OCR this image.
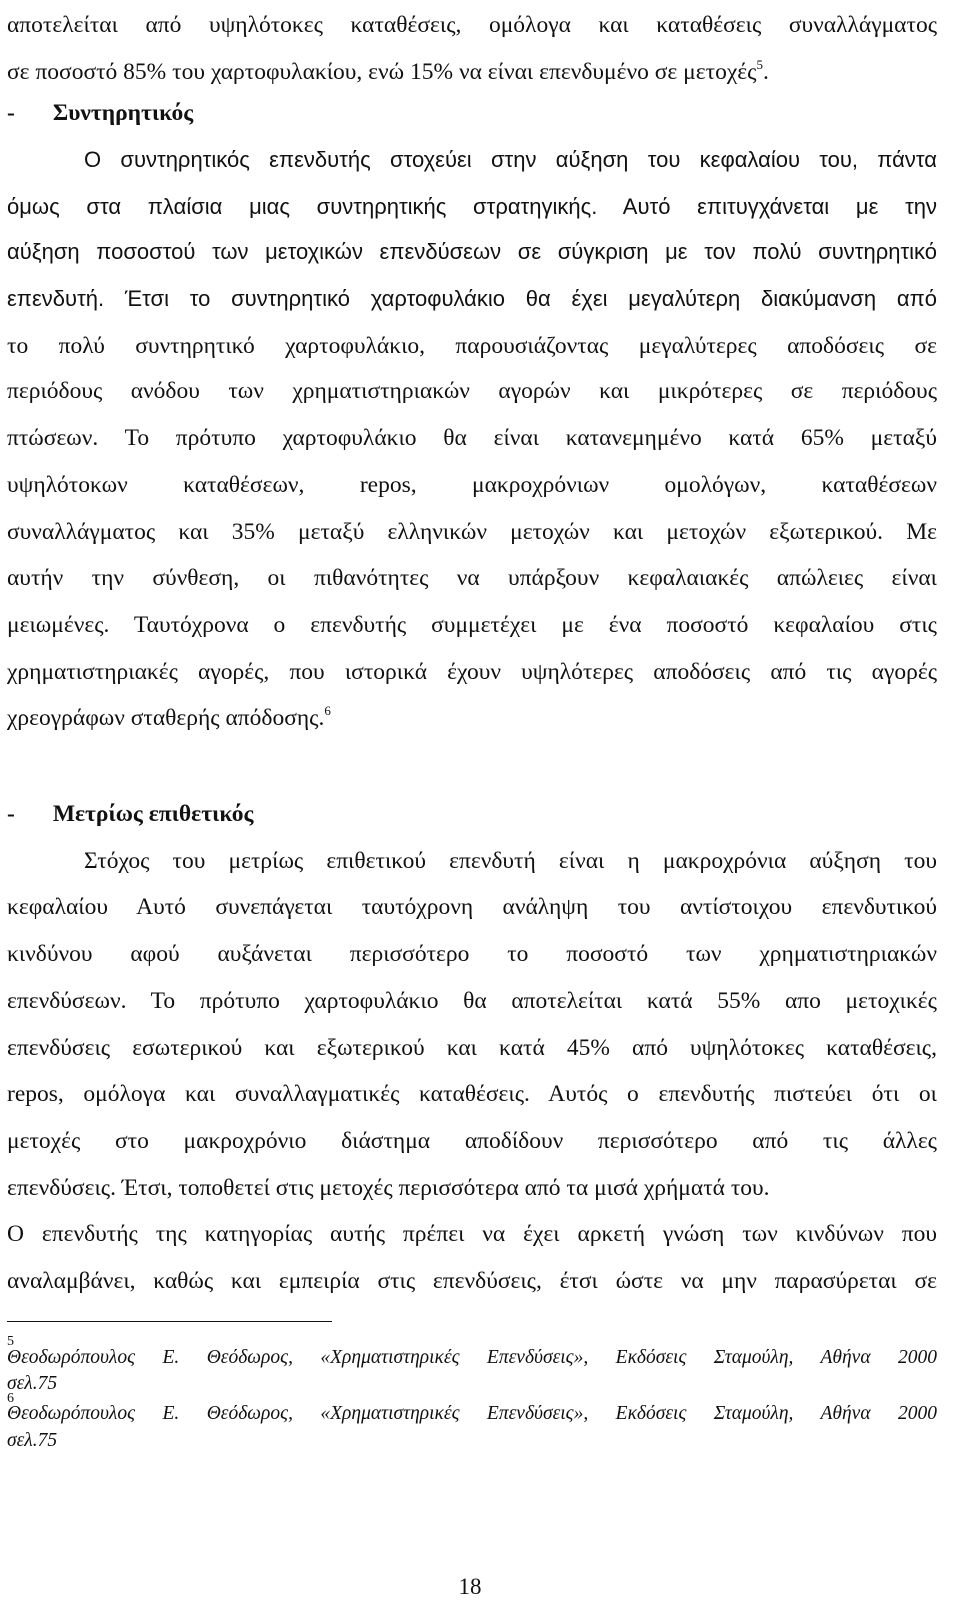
αποτελείται από υψηλότοκες καταθέσεις, ομόλογα και καταθέσεις συναλλάγματος
σε ποσοστό 85% του χαρτοφυλακίου, ενώ 15% να είναι επενδυμένο σε μετοχές$^5$.
- Συντηρητικός
Ο συντηρητικός επενδυτής στοχεύει στην αύξηση του κεφαλαίου του, πάντα
όμως στα πλαίσια μιας συντηρητικής στρατηγικής. Αυτό επιτυγχάνεται με την
αύξηση ποσοστού των μετοχικών επενδύσεων σε σύγκριση με τον πολύ συντηρητικό
επενδυτή. Έτσι το συντηρητικό χαρτοφυλάκιο θα έχει μεγαλύτερη διακύμανση από
το πολύ συντηρητικό χαρτοφυλάκιο, παρουσιάζοντας μεγαλύτερες αποδόσεις σε
περιόδους ανόδου των χρηματιστηριακών αγορών και μικρότερες σε περιόδους
πτώσεων. Το πρότυπο χαρτοφυλάκιο θα είναι κατανεμημένο κατά 65% μεταξύ
υψηλότοκων καταθέσεων, repos, μακροχρόνιων ομολόγων, καταθέσεων
συναλλάγματος και 35% μεταξύ ελληνικών μετοχών και μετοχών εξωτερικού. Με
αυτήν την σύνθεση, οι πιθανότητες να υπάρξουν κεφαλαιακές απώλειες είναι
μειωμένες. Ταυτόχρονα ο επενδυτής συμμετέχει με ένα ποσοστό κεφαλαίου στις
χρηματιστηριακές αγορές, που ιστορικά έχουν υψηλότερες αποδόσεις από τις αγορές
χρεογράφων σταθερής απόδοσης.$^6$
- Μετρίως επιθετικός
Στόχος του μετρίως επιθετικού επενδυτή είναι η μακροχρόνια αύξηση του
κεφαλαίου Αυτό συνεπάγεται ταυτόχρονη ανάληψη του αντίστοιχου επενδυτικού
κινδύνου αφού αυξάνεται περισσότερο το ποσοστό των χρηματιστηριακών
επενδύσεων. Το πρότυπο χαρτοφυλάκιο θα αποτελείται κατά 55% απο μετοχικές
επενδύσεις εσωτερικού και εξωτερικού και κατά 45% από υψηλότοκες καταθέσεις,
repos, ομόλογα και συναλλαγματικές καταθέσεις. Αυτός ο επενδυτής πιστεύει ότι οι
μετοχές στο μακροχρόνιο διάστημα αποδίδουν περισσότερο από τις άλλες
επενδύσεις. Έτσι, τοποθετεί στις μετοχές περισσότερα από τα μισά χρήματά του.
Ο επενδυτής της κατηγορίας αυτής πρέπει να έχει αρκετή γνώση των κινδύνων που
αναλαμβάνει, καθώς και εμπειρία στις επενδύσεις, έτσι ώστε να μην παρασύρεται σε
5
Θεοδωρόπουλος Ε. Θεόδωρος, «Χρηματιστηρικές Επενδύσεις», Εκδόσεις Σταμούλη, Αθήνα 2000
σελ.75
6
Θεοδωρόπουλος Ε. Θεόδωρος, «Χρηματιστηρικές Επενδύσεις», Εκδόσεις Σταμούλη, Αθήνα 2000
σελ.75
18
